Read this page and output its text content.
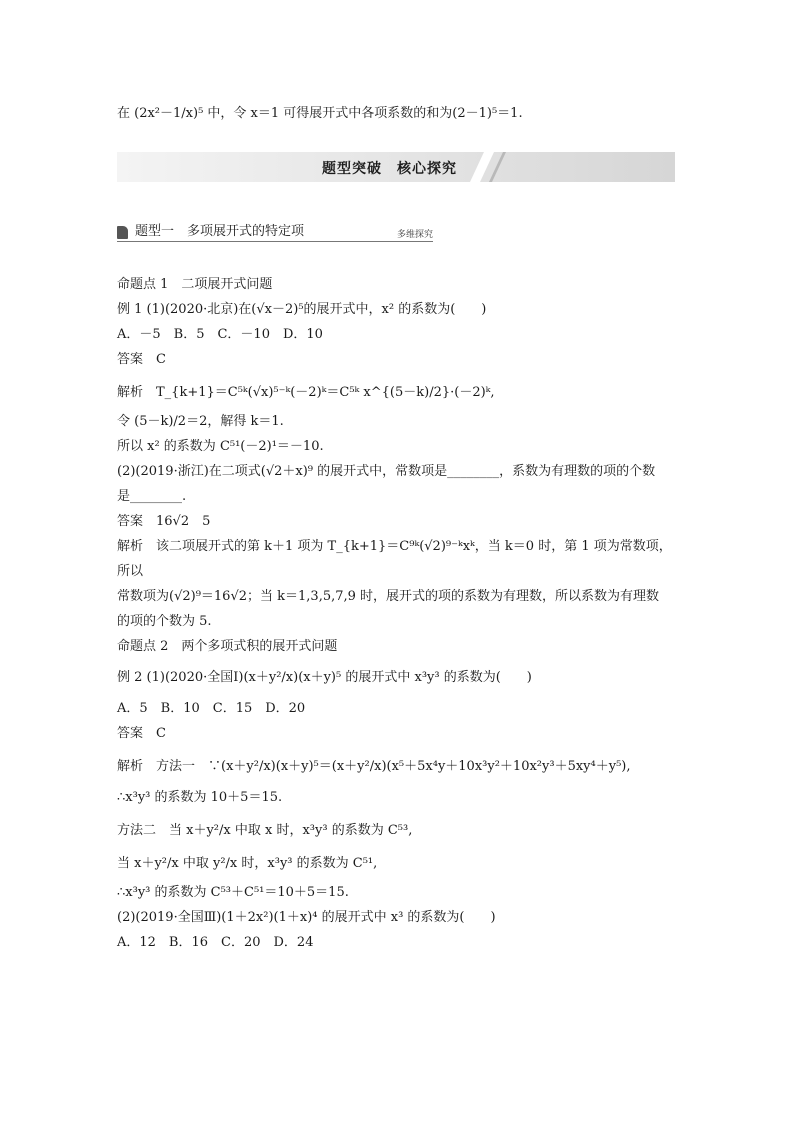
在 (2x²－1/x)⁵ 中，令 x＝1 可得展开式中各项系数的和为(2－1)⁵＝1.
题型突破　核心探究
题型一　多项展开式的特定项	多维探究
命题点 1　二项展开式问题
例 1 (1)(2020·北京)在(√x－2)⁵的展开式中，x² 的系数为(　　)
A．－5　B．5　C．－10　D．10
答案　C
解析　T_{k+1}＝C⁵ᵏ(√x)⁵⁻ᵏ(－2)ᵏ＝C⁵ᵏ x^{(5－k)/2}·(－2)ᵏ,
令 (5－k)/2＝2，解得 k＝1.
所以 x² 的系数为 C⁵¹(－2)¹＝－10.
(2)(2019·浙江)在二项式(√2＋x)⁹ 的展开式中，常数项是________，系数为有理数的项的个数
是________.
答案　16√2　5
解析　该二项展开式的第 k＋1 项为 T_{k+1}＝C⁹ᵏ(√2)⁹⁻ᵏxᵏ，当 k＝0 时，第 1 项为常数项，所以
常数项为(√2)⁹＝16√2；当 k＝1,3,5,7,9 时，展开式的项的系数为有理数，所以系数为有理数
的项的个数为 5.
命题点 2　两个多项式积的展开式问题
例 2 (1)(2020·全国Ⅰ)(x＋y²/x)(x＋y)⁵ 的展开式中 x³y³ 的系数为(　　)
A．5　B．10　C．15　D．20
答案　C
解析　方法一　∵(x＋y²/x)(x＋y)⁵＝(x＋y²/x)(x⁵＋5x⁴y＋10x³y²＋10x²y³＋5xy⁴＋y⁵),
∴x³y³ 的系数为 10＋5＝15.
方法二　当 x＋y²/x 中取 x 时，x³y³ 的系数为 C⁵³,
当 x＋y²/x 中取 y²/x 时，x³y³ 的系数为 C⁵¹,
∴x³y³ 的系数为 C⁵³＋C⁵¹＝10＋5＝15.
(2)(2019·全国Ⅲ)(1＋2x²)(1＋x)⁴ 的展开式中 x³ 的系数为(　　)
A．12　B．16　C．20　D．24
